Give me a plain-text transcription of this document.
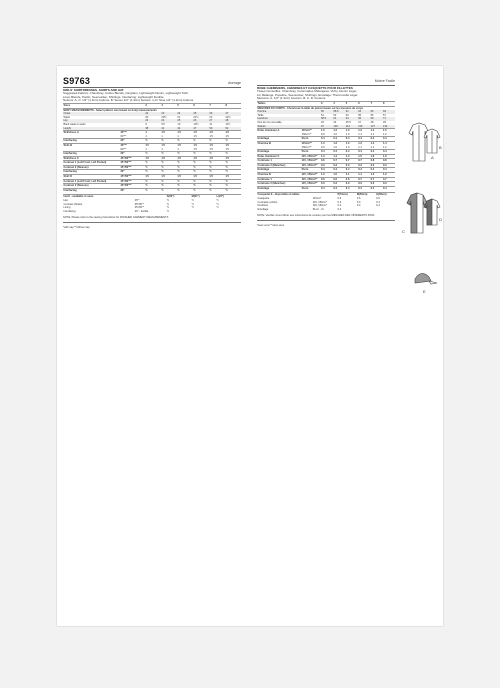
S9763	Average
GIRLS' SHIRTDRESSES, SHIRTS AND HAT
Suggested Fabrics: Chambray, Cotton Blends, Gingham, Lightweight Denim, Lightweight Twill,
Linen Blends, Poplin, Seersucker, Shirtings. Interfacing: Lightweight Fusible.
Notions: A, C: 1/2" (1.3cm) buttons. B: Seven 1/2" (1.3cm) buttons. C,D: Nine 1/2" (1.3cm) buttons.
Sizes		3	4	5	6	7	8
BODY MEASUREMENTS - Select pattern size based on body measurements							
Chest		22	23	24	25	26	27
Waist		20	20½	21	21½	22	22½
Hip		23	24	25	26	27	28
Back waist to waist		9	9½	10	10½	11	11½
Height		38	41	44	47	50	52
Shirtdress A	45"**	1	1½	1½	1½	1½	1½
	60"**	1	1	1	1½	1½	1½
Interfacing	20"	½	½	½	½	½	½
Shirt B	45"**	1½	1½	1½	1½	1½	1½
	60"**	1	1	1	1½	1½	1½
Interfacing	20"	½	½	½	½	½	½
Shirtdress C	45"/60"**	1½	1½	1½	1½	1½	1½
Contrast 1 (Left Front, Left Pocket)	45"/60"**	½	½	½	½	½	½
Contrast 2 (Sleeves)	45"/60"**	½	½	½	½	½	½
Interfacing	20"	½	½	½	½	½	½
Shirt D	45"/60"**	1½	1½	1½	1½	1½	1½
Contrast 1 (Left Front, Left Pocket)	45"/60"**	½	½	½	½	½	½
Contrast 2 (Sleeves)	45"/60"**	½	½	½	½	½	½
Interfacing	20"	½	½	½	½	½	½
Hat E - available in sizes		S(20")	M(21")	L(22")
Hat	45"*	½	½	½
Contrast (Sides)	45"/60"*	½	½	½
Lining	45"/60"*	½	½	½
Interfacing	20" - fusible	½		
NOTE: Please refer to the sewing instructions for FINISHED GARMENT MEASUREMENTS
*with nap **without nap
Moère Facile
ROBE CHEMISIERS, CHEMISES ET CASQUETTE POUR FILLETTES
Tissus Conseillés: Chambray, Cotonnades Mélangées, Vichy, Denim Léger,
Lin Mélangé, Popeline, Seersucker, Shirtings. Entoilage: Thermocollé Léger.
Mercerie: A: 1/2" (1.3cm) boutons. B, C, D: boutons.
Tailles		3	4	5	6	7	8
MESURES DU CORPS - Choisissez la taille du patron basée sur les mesures du corps							
Poitrine		56	58.5	61	64	66	69
Taille		51	52	53	55	56	57
Hanches		58.5	61	64	66	69	71
Dos du cou à la taille		23	24	25.5	27	28	29
Stature		97	104	112	119	127	132
Robe chemisier A	115cm**	1.0	1.3	1.3	1.3	1.4	1.5
	150cm**	0.9	1.0	1.0	1.1	1.1	1.2
Entoilage	51cm	0.4	0.4	0.4	0.4	0.4	0.4
Chemise B	115cm**	1.3	1.3	1.3	1.3	1.4	1.4
	150cm**	0.9	1.0	1.0	1.1	1.1	1.2
Entoilage	51cm	0.4	0.4	0.4	0.4	0.4	0.4
Robe chemisier C	115, 150cm**	1.3	1.4	1.4	1.5	1.6	1.6
Contraste 1	115, 150cm**	0.6	0.7	0.7	0.7	0.8	0.8
Contraste 2 (Manches)	115, 150cm**	0.3	0.3	0.3	0.3	0.3	0.3
Entoilage	51cm	0.4	0.4	0.4	0.4	0.4	0.4
Chemise D	115, 150cm**	1.0	1.0	1.1	1.1	1.2	1.2
Contraste 1	115, 150cm**	0.6	0.6	0.6	0.7	0.7	0.7
Contraste 2 (Manches)	115, 150cm**	0.3	0.3	0.3	0.3	0.3	0.3
Entoilage	51cm	0.4	0.4	0.4	0.4	0.4	0.4
Casquette E - disponible en tailles		P(51cm)	M(53cm)	G(56cm)
Casquette	115cm*	0.6	0.6	0.6
Contraste (côtés)	115, 150cm*	0.4	0.4	0.4
Doublure	115, 150cm*	0.4	0.4	0.4
Entoilage	51cm - th.	0.4		
NOTE: Veuillez vous référer aux instructions de couture pour les MESURES DES VÊTEMENTS FINIS
*avec sens **sans sens
A
B
C
D
E
